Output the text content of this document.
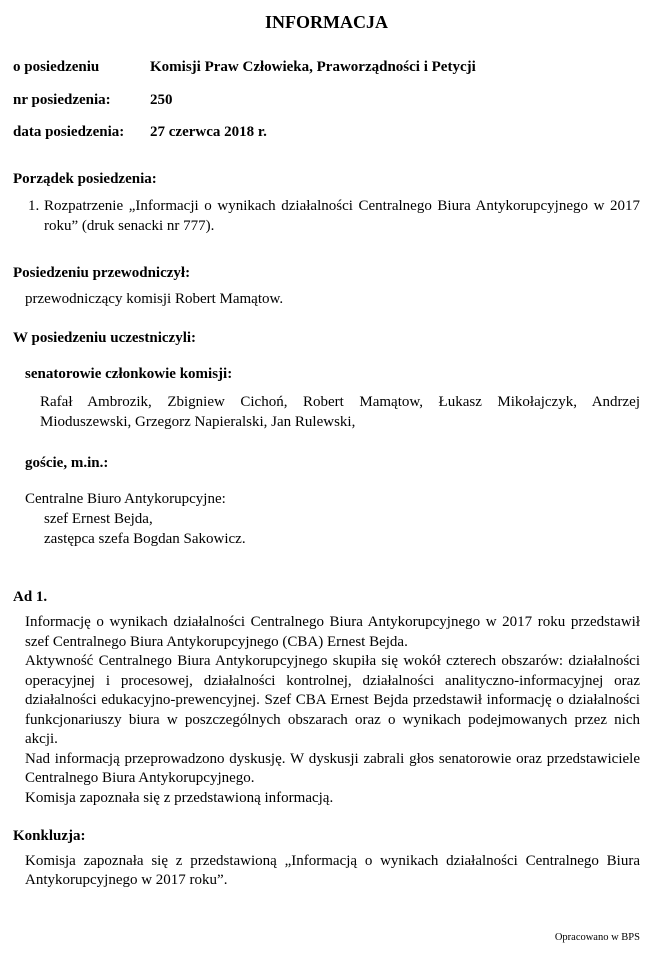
INFORMACJA
o posiedzeniu	Komisji Praw Człowieka, Praworządności i Petycji
nr posiedzenia:	250
data posiedzenia:	27 czerwca 2018 r.
Porządek posiedzenia:
1. Rozpatrzenie „Informacji o wynikach działalności Centralnego Biura Antykorupcyjnego w 2017 roku” (druk senacki nr 777).
Posiedzeniu przewodniczył:
przewodniczący komisji Robert Mamątow.
W posiedzeniu uczestniczyli:
senatorowie członkowie komisji:
Rafał Ambrozik, Zbigniew Cichoń, Robert Mamątow, Łukasz Mikołajczyk, Andrzej Mioduszewski, Grzegorz Napieralski, Jan Rulewski,
goście, m.in.:
Centralne Biuro Antykorupcyjne:
szef Ernest Bejda,
zastępca szefa Bogdan Sakowicz.
Ad 1.

Informację o wynikach działalności Centralnego Biura Antykorupcyjnego w 2017 roku przedstawił szef Centralnego Biura Antykorupcyjnego (CBA) Ernest Bejda.

Aktywność Centralnego Biura Antykorupcyjnego skupiła się wokół czterech obszarów: działalności operacyjnej i procesowej, działalności kontrolnej, działalności analityczno-informacyjnej oraz działalności edukacyjno-prewencyjnej. Szef CBA Ernest Bejda przedstawił informację o działalności funkcjonariuszy biura w poszczególnych obszarach oraz o wynikach podejmowanych przez nich akcji.

Nad informacją przeprowadzono dyskusję. W dyskusji zabrali głos senatorowie oraz przedstawiciele Centralnego Biura Antykorupcyjnego.

Komisja zapoznała się z przedstawioną informacją.

Konkluzja:
Komisja zapoznała się z przedstawioną „Informacją o wynikach działalności Centralnego Biura Antykorupcyjnego w 2017 roku”.
Opracowano w BPS
